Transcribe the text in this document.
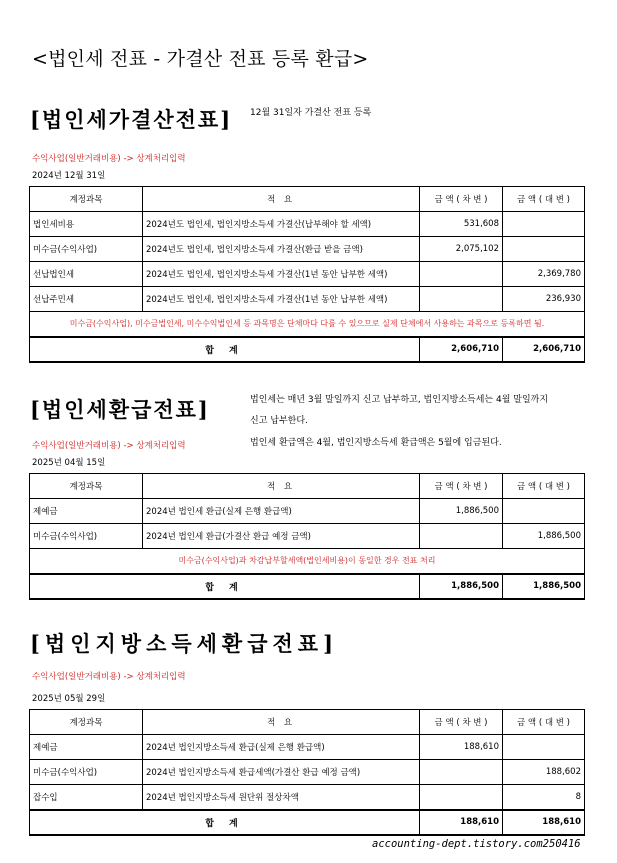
<법인세 전표 - 가결산 전표 등록 환급>
[법인세가결산전표] 12월 31일자 가결산 전표 등록
수익사업(일반거래비용) -> 상계처리입력
2024년 12월 31일
계정과목	적 요	금 액 ( 차 변 )	금 액 ( 대 변 )
법인세비용	2024년도 법인세, 법인지방소득세 가결산(납부해야 할 세액)	531,608	
미수금(수익사업)	2024년도 법인세, 법인지방소득세 가결산(환급 받을 금액)	2,075,102	
선납법인세	2024년도 법인세, 법인지방소득세 가결산(1년 동안 납부한 세액)		2,369,780
선납주민세	2024년도 법인세, 법인지방소득세 가결산(1년 동안 납부한 세액)		236,930
미수금(수익사업), 미수금법인세, 미수수익법인세 등 과목명은 단체마다 다를 수 있으므로 실제 단체에서 사용하는 과목으로 등록하면 됨.			
합 계		2,606,710	2,606,710
[법인세환급전표]	법인세는 매년 3월 말일까지 신고 납부하고, 법인지방소득세는 4월 말일까지
신고 납부한다.
법인세 환급액은 4월, 법인지방소득세 환급액은 5월에 입금된다.
수익사업(일반거래비용) -> 상계처리입력
2025년 04월 15일
계정과목	적 요	금 액 ( 차 변 )	금 액 ( 대 변 )
제예금	2024년 법인세 환급(실제 은행 환급액)	1,886,500	
미수금(수익사업)	2024년 법인세 환급(가결산 환급 예정 금액)		1,886,500
미수금(수익사업)과 차감납부할세액(법인세비용)이 동일한 경우 전표 처리			
합 계		1,886,500	1,886,500
[법인지방소득세환급전표]
수익사업(일반거래비용) -> 상계처리입력
2025년 05월 29일
계정과목	적 요	금 액 ( 차 변 )	금 액 ( 대 변 )
제예금	2024년 법인지방소득세 환급(실제 은행 환급액)	188,610	
미수금(수익사업)	2024년 법인지방소득세 환급세액(가결산 환급 예정 금액)		188,602
잡수입	2024년 법인지방소득세 원단위 절상차액		8
합 계		188,610	188,610
accounting-dept.tistory.com250416
